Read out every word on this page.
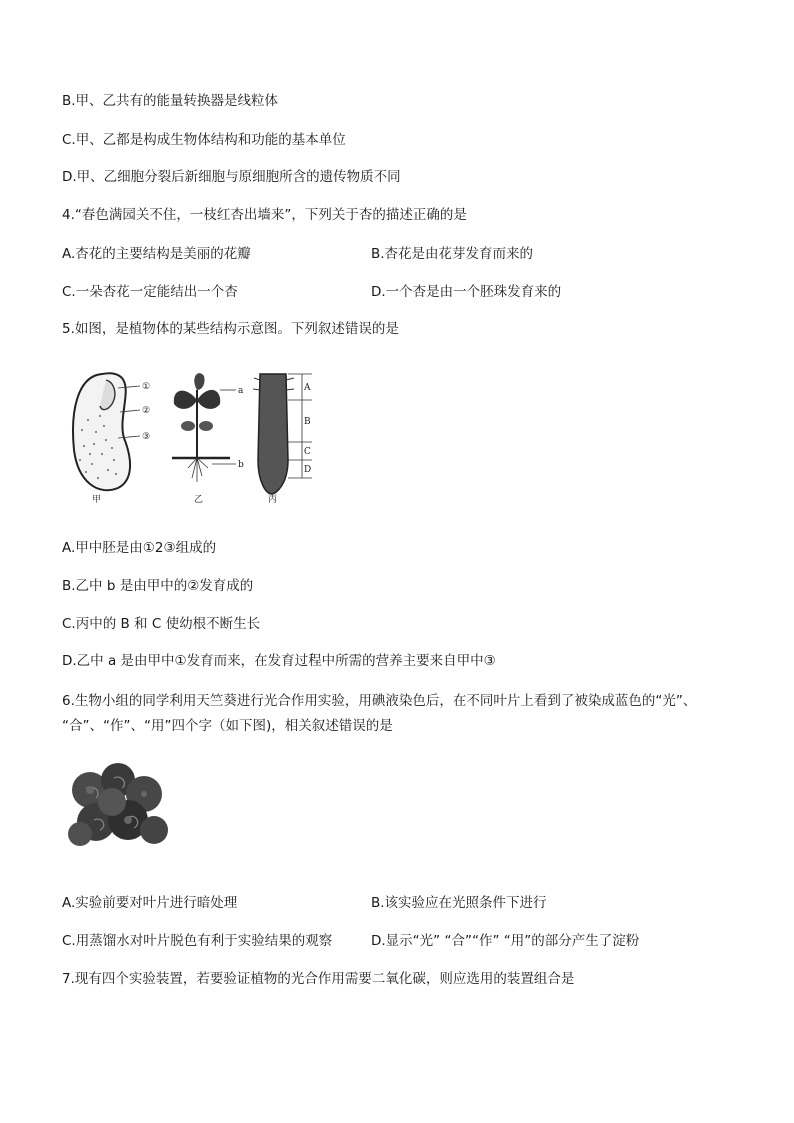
B.甲、乙共有的能量转换器是线粒体
C.甲、乙都是构成生物体结构和功能的基本单位
D.甲、乙细胞分裂后新细胞与原细胞所含的遗传物质不同
4.“春色满园关不住，一枝红杏出墙来”，下列关于杏的描述正确的是
A.杏花的主要结构是美丽的花瓣	B.杏花是由花芽发育而来的
C.一朵杏花一定能结出一个杏	D.一个杏是由一个胚珠发育来的
5.如图，是植物体的某些结构示意图。下列叙述错误的是
①
②
③
甲
a
b
乙
A
B
C
D
丙
A.甲中胚是由①2③组成的
B.乙中 b 是由甲中的②发育成的
C.丙中的 B 和 C 使幼根不断生长
D.乙中 a 是由甲中①发育而来，在发育过程中所需的营养主要来自甲中③
6.生物小组的同学利用天竺葵进行光合作用实验，用碘液染色后，在不同叶片上看到了被染成蓝色的“光”、
“合”、“作”、“用”四个字（如下图)，相关叙述错误的是
A.实验前要对叶片进行暗处理	B.该实验应在光照条件下进行
C.用蒸馏水对叶片脱色有利于实验结果的观察	D.显示“光” “合”“作” “用”的部分产生了淀粉
7.现有四个实验装置，若要验证植物的光合作用需要二氧化碳，则应选用的装置组合是
